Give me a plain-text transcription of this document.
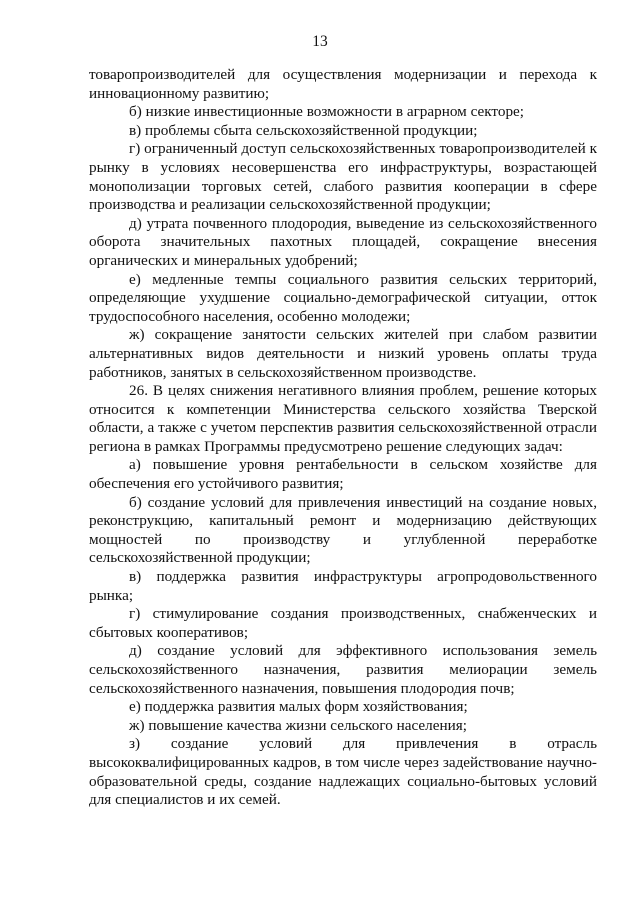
13

товаропроизводителей для осуществления модернизации и перехода к инновационному развитию;

б) низкие инвестиционные возможности в аграрном секторе;

в) проблемы сбыта сельскохозяйственной продукции;

г) ограниченный доступ сельскохозяйственных товаропроизводителей к рынку в условиях несовершенства его инфраструктуры, возрастающей монополизации торговых сетей, слабого развития кооперации в сфере производства и реализации сельскохозяйственной продукции;

д) утрата почвенного плодородия, выведение из сельскохозяйственного оборота значительных пахотных площадей, сокращение внесения органических и минеральных удобрений;

е) медленные темпы социального развития сельских территорий, определяющие ухудшение социально-демографической ситуации, отток трудоспособного населения, особенно молодежи;

ж) сокращение занятости сельских жителей при слабом развитии альтернативных видов деятельности и низкий уровень оплаты труда работников, занятых в сельскохозяйственном производстве.

26. В целях снижения негативного влияния проблем, решение которых относится к компетенции Министерства сельского хозяйства Тверской области, а также с учетом перспектив развития сельскохозяйственной отрасли региона в рамках Программы предусмотрено решение следующих задач:

а) повышение уровня рентабельности в сельском хозяйстве для обеспечения его устойчивого развития;

б) создание условий для привлечения инвестиций на создание новых, реконструкцию, капитальный ремонт и модернизацию действующих мощностей по производству и углубленной переработке сельскохозяйственной продукции;

в) поддержка развития инфраструктуры агропродовольственного рынка;

г) стимулирование создания производственных, снабженческих и сбытовых кооперативов;

д) создание условий для эффективного использования земель сельскохозяйственного назначения, развития мелиорации земель сельскохозяйственного назначения, повышения плодородия почв;

е) поддержка развития малых форм хозяйствования;

ж) повышение качества жизни сельского населения;

з) создание условий для привлечения в отрасль высококвалифицированных кадров, в том числе через задействование научно-образовательной среды, создание надлежащих социально-бытовых условий для специалистов и их семей.
